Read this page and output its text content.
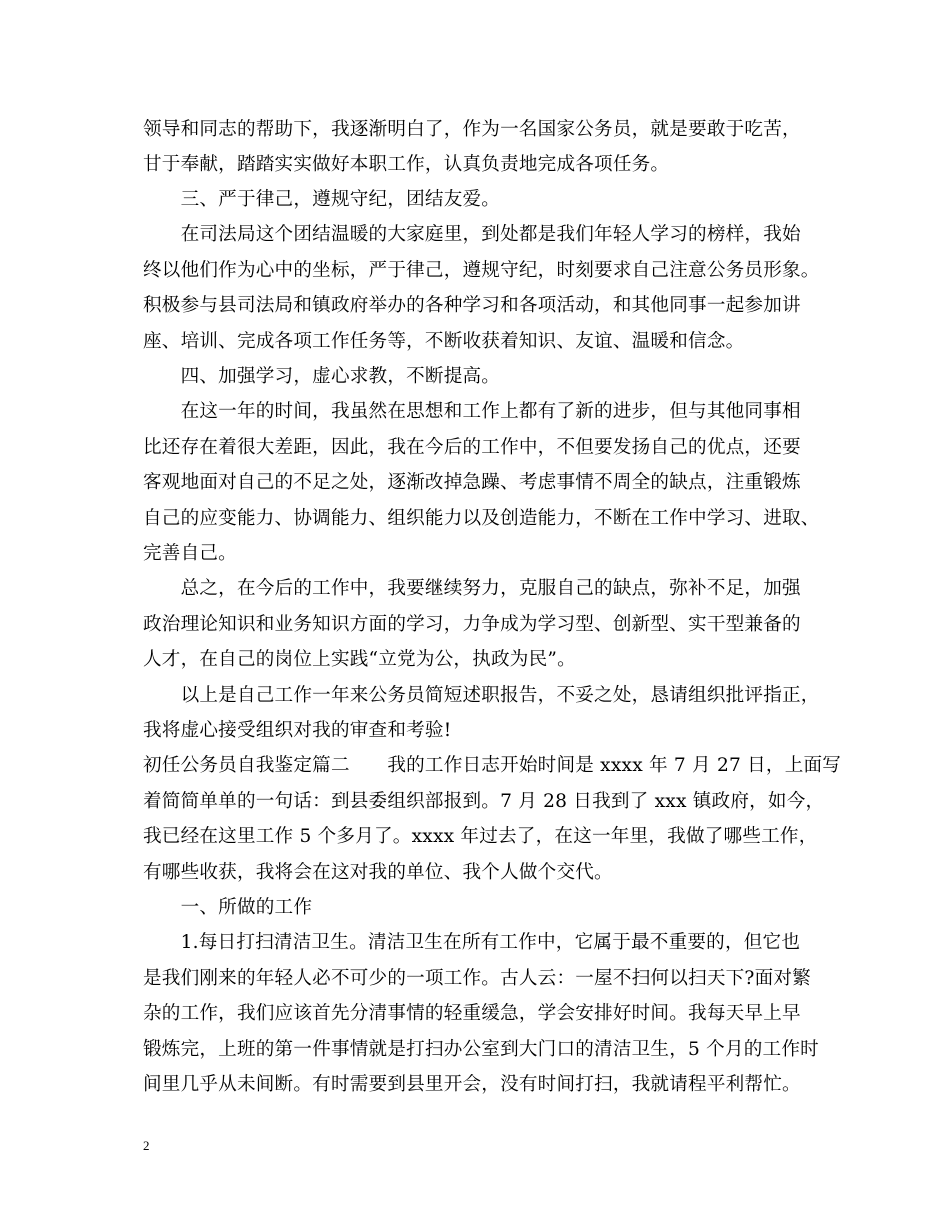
领导和同志的帮助下，我逐渐明白了，作为一名国家公务员，就是要敢于吃苦，
甘于奉献，踏踏实实做好本职工作，认真负责地完成各项任务。
　　三、严于律己，遵规守纪，团结友爱。
　　在司法局这个团结温暖的大家庭里，到处都是我们年轻人学习的榜样，我始
终以他们作为心中的坐标，严于律己，遵规守纪，时刻要求自己注意公务员形象。
积极参与县司法局和镇政府举办的各种学习和各项活动，和其他同事一起参加讲
座、培训、完成各项工作任务等，不断收获着知识、友谊、温暖和信念。
　　四、加强学习，虚心求教，不断提高。
　　在这一年的时间，我虽然在思想和工作上都有了新的进步，但与其他同事相
比还存在着很大差距，因此，我在今后的工作中，不但要发扬自己的优点，还要
客观地面对自己的不足之处，逐渐改掉急躁、考虑事情不周全的缺点，注重锻炼
自己的应变能力、协调能力、组织能力以及创造能力，不断在工作中学习、进取、
完善自己。
　　总之，在今后的工作中，我要继续努力，克服自己的缺点，弥补不足，加强
政治理论知识和业务知识方面的学习，力争成为学习型、创新型、实干型兼备的
人才，在自己的岗位上实践“立党为公，执政为民”。
　　以上是自己工作一年来公务员简短述职报告，不妥之处，恳请组织批评指正，
我将虚心接受组织对我的审查和考验!
初任公务员自我鉴定篇二　　我的工作日志开始时间是 xxxx 年 7 月 27 日，上面写
着简简单单的一句话：到县委组织部报到。7 月 28 日我到了 xxx 镇政府，如今，
我已经在这里工作 5 个多月了。xxxx 年过去了，在这一年里，我做了哪些工作，
有哪些收获，我将会在这对我的单位、我个人做个交代。
　　一、所做的工作
　　1.每日打扫清洁卫生。清洁卫生在所有工作中，它属于最不重要的，但它也
是我们刚来的年轻人必不可少的一项工作。古人云：一屋不扫何以扫天下?面对繁
杂的工作，我们应该首先分清事情的轻重缓急，学会安排好时间。我每天早上早
锻炼完，上班的第一件事情就是打扫办公室到大门口的清洁卫生，5 个月的工作时
间里几乎从未间断。有时需要到县里开会，没有时间打扫，我就请程平利帮忙。
2
